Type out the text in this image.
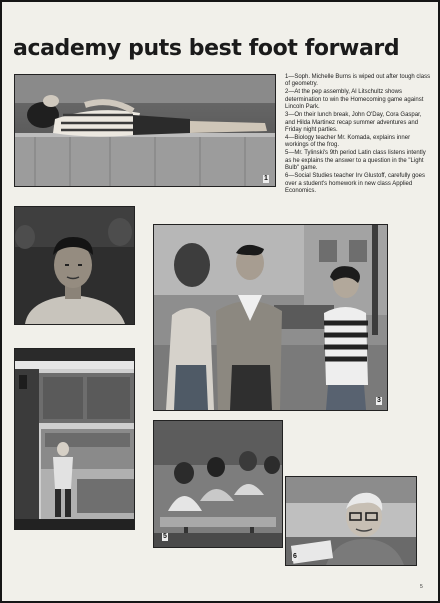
academy puts best foot forward
1

1—Soph. Michelle Burns is wiped out after tough class of geometry.

2—At the pep assembly, Al Litschultz shows determination to win the Homecoming game against Lincoln Park.

3—On their lunch break, John O'Day, Cora Gaspar, and Hilda Martinez recap summer adventures and Friday night parties.

4—Biology teacher Mr. Komada, explains inner workings of the frog.

5—Mr. Tylinski's 9th period Latin class listens intently as he explains the answer to a question in the "Light Bulb" game.

6—Social Studies teacher Irv Glustoff, carefully goes over a student's homework in new class Applied Economics.

3
5
6
5
